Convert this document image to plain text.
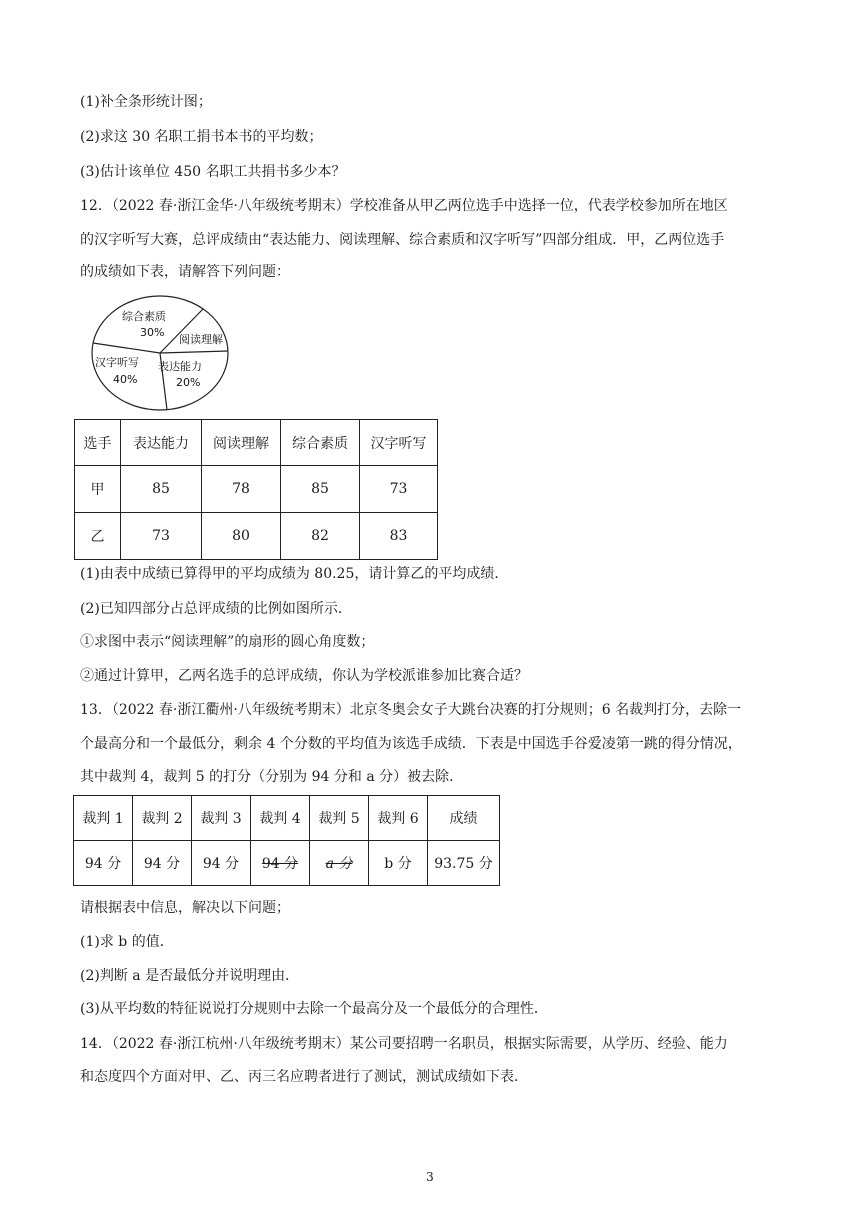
(1)补全条形统计图；
(2)求这 30 名职工捐书本书的平均数；
(3)估计该单位 450 名职工共捐书多少本？
12．（2022 春·浙江金华·八年级统考期末）学校准备从甲乙两位选手中选择一位，代表学校参加所在地区
的汉字听写大赛，总评成绩由“表达能力、阅读理解、综合素质和汉字听写”四部分组成．甲，乙两位选手
的成绩如下表，请解答下列问题：
综合素质
30%
阅读理解
表达能力
20%
汉字听写
40%
选手	表达能力	阅读理解	综合素质	汉字听写
甲	85	78	85	73
乙	73	80	82	83
(1)由表中成绩已算得甲的平均成绩为 80.25，请计算乙的平均成绩．
(2)已知四部分占总评成绩的比例如图所示．
①求图中表示“阅读理解”的扇形的圆心角度数；
②通过计算甲，乙两名选手的总评成绩，你认为学校派谁参加比赛合适？
13．（2022 春·浙江衢州·八年级统考期末）北京冬奥会女子大跳台决赛的打分规则；6 名裁判打分，去除一
个最高分和一个最低分，剩余 4 个分数的平均值为该选手成绩．下表是中国选手谷爱凌第一跳的得分情况，
其中裁判 4，裁判 5 的打分（分别为 94 分和 a 分）被去除．
裁判 1	裁判 2	裁判 3	裁判 4	裁判 5	裁判 6	成绩
94 分	94 分	94 分	94 分	a 分	b 分	93.75 分
请根据表中信息，解决以下问题；
(1)求 b 的值．
(2)判断 a 是否最低分并说明理由．
(3)从平均数的特征说说打分规则中去除一个最高分及一个最低分的合理性．
14．（2022 春·浙江杭州·八年级统考期末）某公司要招聘一名职员，根据实际需要，从学历、经验、能力
和态度四个方面对甲、乙、丙三名应聘者进行了测试，测试成绩如下表．
3
